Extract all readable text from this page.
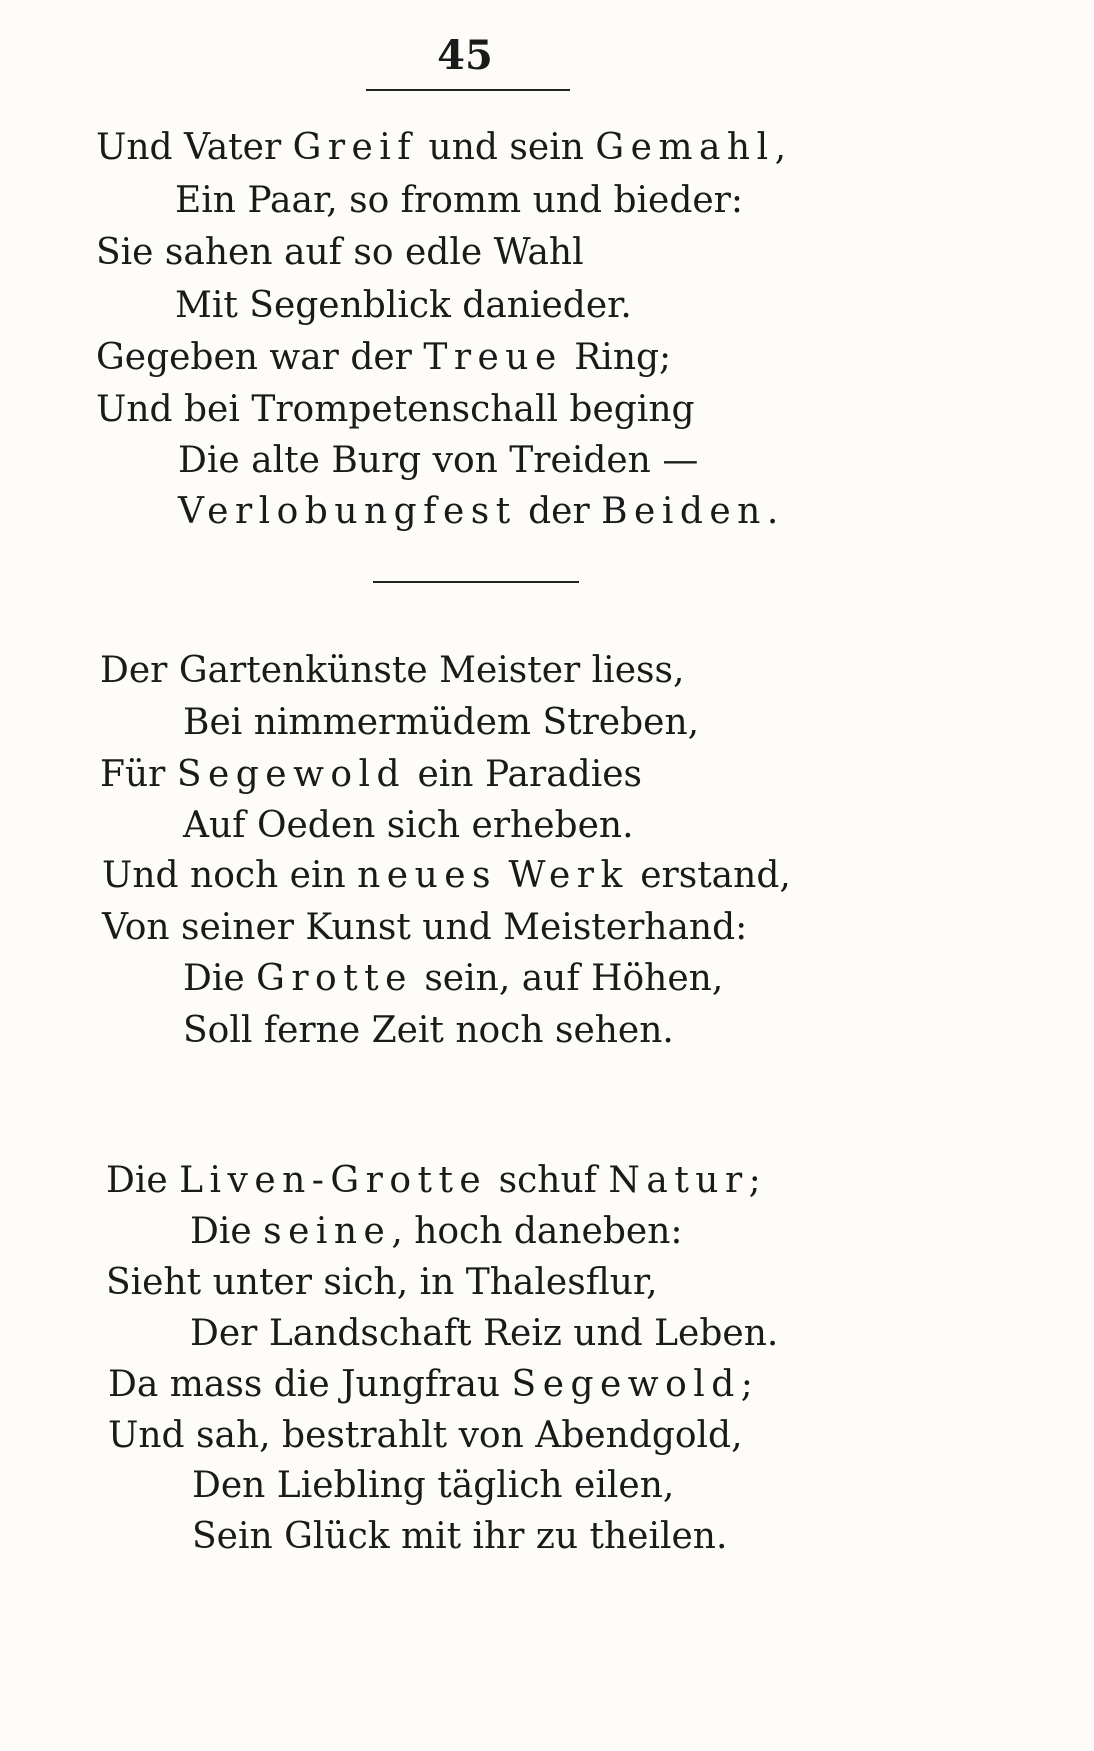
45
Und Vater Greif und sein Gemahl,
Ein Paar, so fromm und bieder:
Sie sahen auf so edle Wahl
Mit Segenblick danieder.
Gegeben war der Treue Ring;
Und bei Trompetenschall beging
Die alte Burg von Treiden —
Verlobungfest der Beiden.
Der Gartenkünste Meister liess,
Bei nimmermüdem Streben,
Für Segewold ein Paradies
Auf Oeden sich erheben.
Und noch ein neues Werk erstand,
Von seiner Kunst und Meisterhand:
Die Grotte sein, auf Höhen,
Soll ferne Zeit noch sehen.
Die Liven-Grotte schuf Natur;
Die seine, hoch daneben:
Sieht unter sich, in Thalesflur,
Der Landschaft Reiz und Leben.
Da mass die Jungfrau Segewold;
Und sah, bestrahlt von Abendgold,
Den Liebling täglich eilen,
Sein Glück mit ihr zu theilen.
